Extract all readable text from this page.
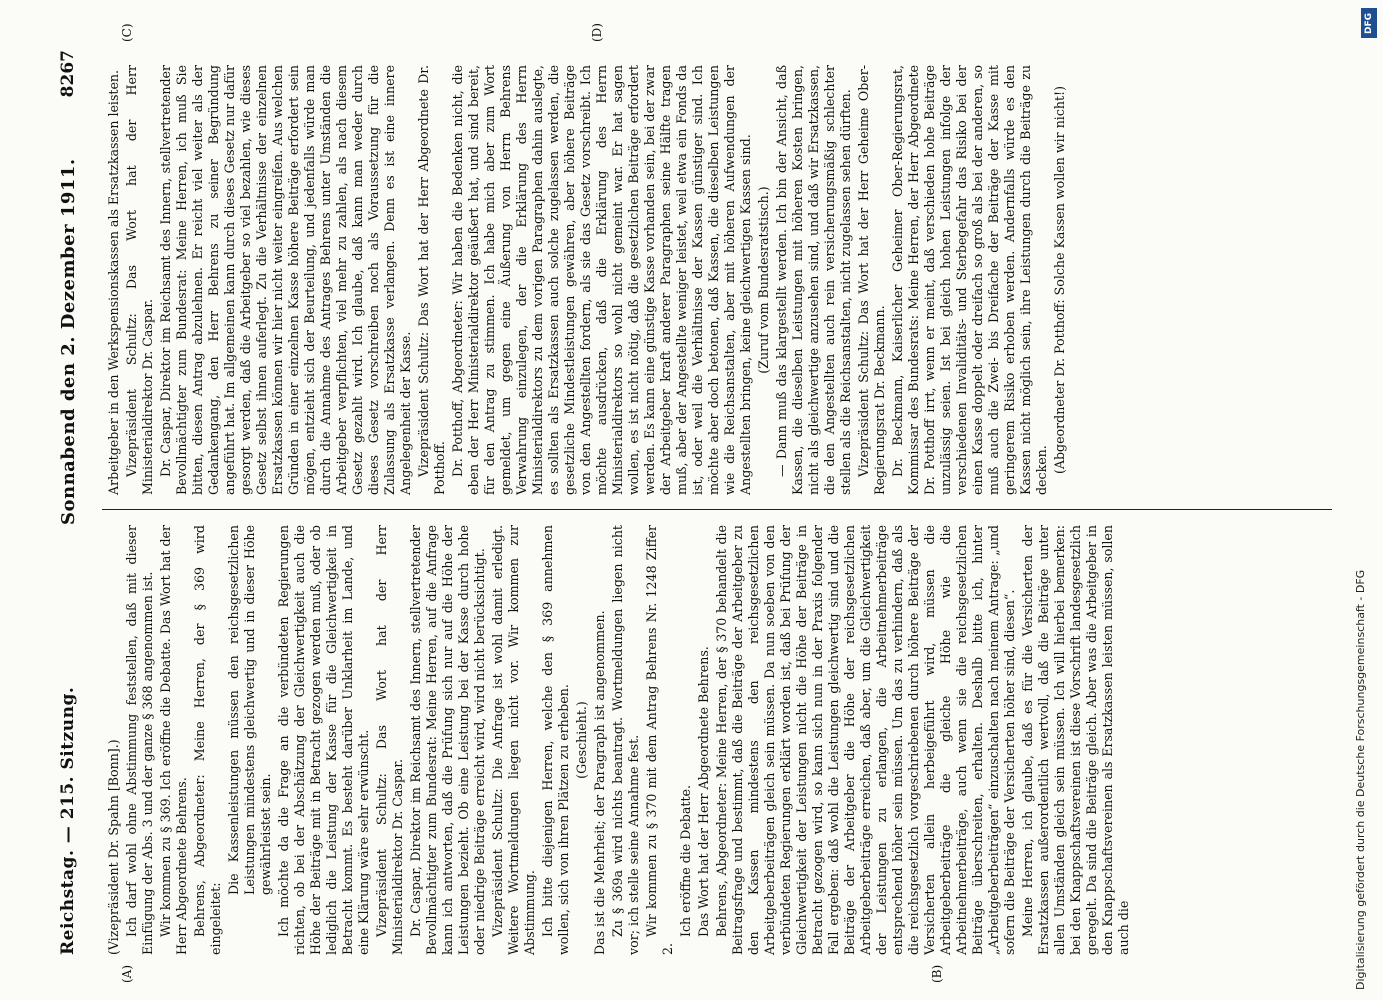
Reichstag. — 215. Sitzung.
Sonnabend den 2. Dezember 1911.
8267
(A)	(B)
(C)	(D)

(Vizepräsident Dr. Spahn [Bonn].) Ich darf wohl ohne Abstimmung feststellen, daß mit dieser Einfügung der Abs. 3 und der ganze § 368 angenommen ist. Wir kommen zu § 369. Ich eröffne die Debatte. Das Wort hat der Herr Abgeordnete Behrens. Behrens, Abgeordneter: Meine Herren, der § 369 wird eingeleitet:

Die Kassenleistungen müssen den reichsgesetzlichen Leistungen mindestens gleichwertig und in dieser Höhe gewährleistet sein. Ich möchte da die Frage an die verbündeten Regierungen richten, ob bei der Abschätzung der Gleichwertigkeit auch die Höhe der Beiträge mit in Betracht gezogen werden muß, oder ob lediglich die Leistung der Kasse für die Gleichwertigkeit in Betracht kommt. Es besteht darüber Unklarheit im Lande, und eine Klärung wäre sehr erwünscht. Vizepräsident Schultz: Das Wort hat der Herr Ministerialdirektor Dr. Caspar. Dr. Caspar, Direktor im Reichsamt des Innern, stellvertretender Bevollmächtigter zum Bundesrat: Meine Herren, auf die Anfrage kann ich antworten, daß die Prüfung sich nur auf die Höhe der Leistungen bezieht. Ob eine Leistung bei der Kasse durch hohe oder niedrige Beiträge erreicht wird, wird nicht berücksichtigt. Vizepräsident Schultz: Die Anfrage ist wohl damit erledigt. Weitere Wortmeldungen liegen nicht vor. Wir kommen zur Abstimmung. Ich bitte diejenigen Herren, welche den § 369 annehmen wollen, sich von ihren Plätzen zu erheben. (Geschieht.) Das ist die Mehrheit; der Paragraph ist angenommen. Zu § 369a wird nichts beantragt. Wortmeldungen liegen nicht vor; ich stelle seine Annahme fest. Wir kommen zu § 370 mit dem Antrag Behrens Nr. 1248 Ziffer 2.

Ich eröffne die Debatte. Das Wort hat der Herr Abgeordnete Behrens. Behrens, Abgeordneter: Meine Herren, der § 370 behandelt die Beitragsfrage und bestimmt, daß die Beiträge der Arbeitgeber zu den Kassen mindestens den reichsgesetzlichen Arbeitgeberbeiträgen gleich sein müssen. Da nun soeben von den verbündeten Regierungen erklärt worden ist, daß bei Prüfung der Gleichwertigkeit der Leistungen nicht die Höhe der Beiträge in Betracht gezogen wird, so kann sich nun in der Praxis folgender Fall ergeben: daß wohl die Leistungen gleichwertig sind und die Beiträge der Arbeitgeber die Höhe der reichsgesetzlichen Arbeitgeberbeiträge erreichen, daß aber, um die Gleichwertigkeit der Leistungen zu erlangen, die Arbeitnehmerbeiträge entsprechend höher sein müssen. Um das zu verhindern, daß als die reichsgesetzlich vorgeschriebenen durch höhere Beiträge der Versicherten allein herbeigeführt wird, müssen die Arbeitgeberbeiträge die gleiche Höhe wie die Arbeitnehmerbeiträge, auch wenn sie die reichsgesetzlichen Beiträge überschreiten, erhalten. Deshalb bitte ich, hinter „Arbeitgeberbeiträgen“ einzuschalten nach meinem Antrage: „und sofern die Beiträge der Versicherten höher sind, diesen“. Meine Herren, ich glaube, daß es für die Versicherten der Ersatzkassen außerordentlich wertvoll, daß die Beiträge unter allen Umständen gleich sein müssen. Ich will hierbei bemerken: bei den Knappschaftsvereinen ist diese Vorschrift landesgesetzlich geregelt. Da sind die Beiträge gleich. Aber was die Arbeitgeber in den Knappschaftsvereinen als Ersatzkassen leisten müssen, sollen auch die

Arbeitgeber in den Werkspensionskassen als Ersatzkassen leisten. Vizepräsident Schultz: Das Wort hat der Herr Ministerialdirektor Dr. Caspar. Dr. Caspar, Direktor im Reichsamt des Innern, stellvertretender Bevollmächtigter zum Bundesrat: Meine Herren, ich muß Sie bitten, diesen Antrag abzulehnen. Er reicht viel weiter als der Gedankengang, den Herr Behrens zu seiner Begründung angeführt hat. Im allgemeinen kann durch dieses Gesetz nur dafür gesorgt werden, daß die Arbeitgeber so viel bezahlen, wie dieses Gesetz selbst ihnen auferlegt. Zu die Verhältnisse der einzelnen Ersatzkassen können wir hier nicht weiter eingreifen. Aus welchen Gründen in einer einzelnen Kasse höhere Beiträge erfordert sein mögen, entzieht sich der Beurteilung, und jedenfalls würde man durch die Annahme des Antrages Behrens unter Umständen die Arbeitgeber verpflichten, viel mehr zu zahlen, als nach diesem Gesetz gezahlt wird. Ich glaube, daß kann man weder durch dieses Gesetz vorschreiben noch als Voraussetzung für die Zulassung als Ersatzkasse verlangen. Denn es ist eine innere Angelegenheit der Kasse. Vizepräsident Schultz: Das Wort hat der Herr Abgeordnete Dr. Potthoff. Dr. Potthoff, Abgeordneter: Wir haben die Bedenken nicht, die eben der Herr Ministerialdirektor geäußert hat, und sind bereit, für den Antrag zu stimmen. Ich habe mich aber zum Wort gemeldet, um gegen eine Äußerung von Herrn Behrens Verwahrung einzulegen, der die Erklärung des Herrn Ministerialdirektors zu dem vorigen Paragraphen dahin auslegte, es sollten als Ersatzkassen auch solche zugelassen werden, die gesetzliche Mindestleistungen gewähren, aber höhere Beiträge von den Angestellten fordern, als sie das Gesetz vorschreibt. Ich möchte ausdrücken, daß die Erklärung des Herrn Ministerialdirektors so wohl nicht gemeint war. Er hat sagen wollen, es ist nicht nötig, daß die gesetzlichen Beiträge erfordert werden. Es kann eine günstige Kasse vorhanden sein, bei der zwar der Arbeitgeber kraft anderer Paragraphen seine Hälfte tragen muß, aber der Angestellte weniger leistet, weil etwa ein Fonds da ist, oder weil die Verhältnisse der Kassen günstiger sind. Ich möchte aber doch betonen, daß Kassen, die dieselben Leistungen wie die Reichsanstalten, aber mit höheren Aufwendungen der Angestellten bringen, keine gleichwertigen Kassen sind. (Zuruf vom Bundesratstisch.) — Dann muß das klargestellt werden. Ich bin der Ansicht, daß Kassen, die dieselben Leistungen mit höheren Kosten bringen, nicht als gleichwertige anzusehen sind, und daß wir Ersatzkassen, die den Angestellten auch rein versicherungsmäßig schlechter stellen als die Reichsanstalten, nicht zugelassen sehen dürften. Vizepräsident Schultz: Das Wort hat der Herr Geheime Ober-Regierungsrat Dr. Beckmann. Dr. Beckmann, Kaiserlicher Geheimer Ober-Regierungsrat, Kommissar des Bundesrats: Meine Herren, der Herr Abgeordnete Dr. Potthoff irrt, wenn er meint, daß verschieden hohe Beiträge unzulässig seien. Ist bei gleich hohen Leistungen infolge der verschiedenen Invaliditäts- und Sterbegefahr das Risiko bei der einen Kasse doppelt oder dreifach so groß als bei der anderen, so muß auch die Zwei- bis Dreifache der Beiträge der Kasse mit geringerem Risiko erhoben werden. Andernfalls würde es den Kassen nicht möglich sein, ihre Leistungen durch die Beiträge zu decken. (Abgeordneter Dr. Potthoff: Solche Kassen wollen wir nicht!)

DFG
Digitalisierung gefördert durch die Deutsche Forschungsgemeinschaft - DFG
